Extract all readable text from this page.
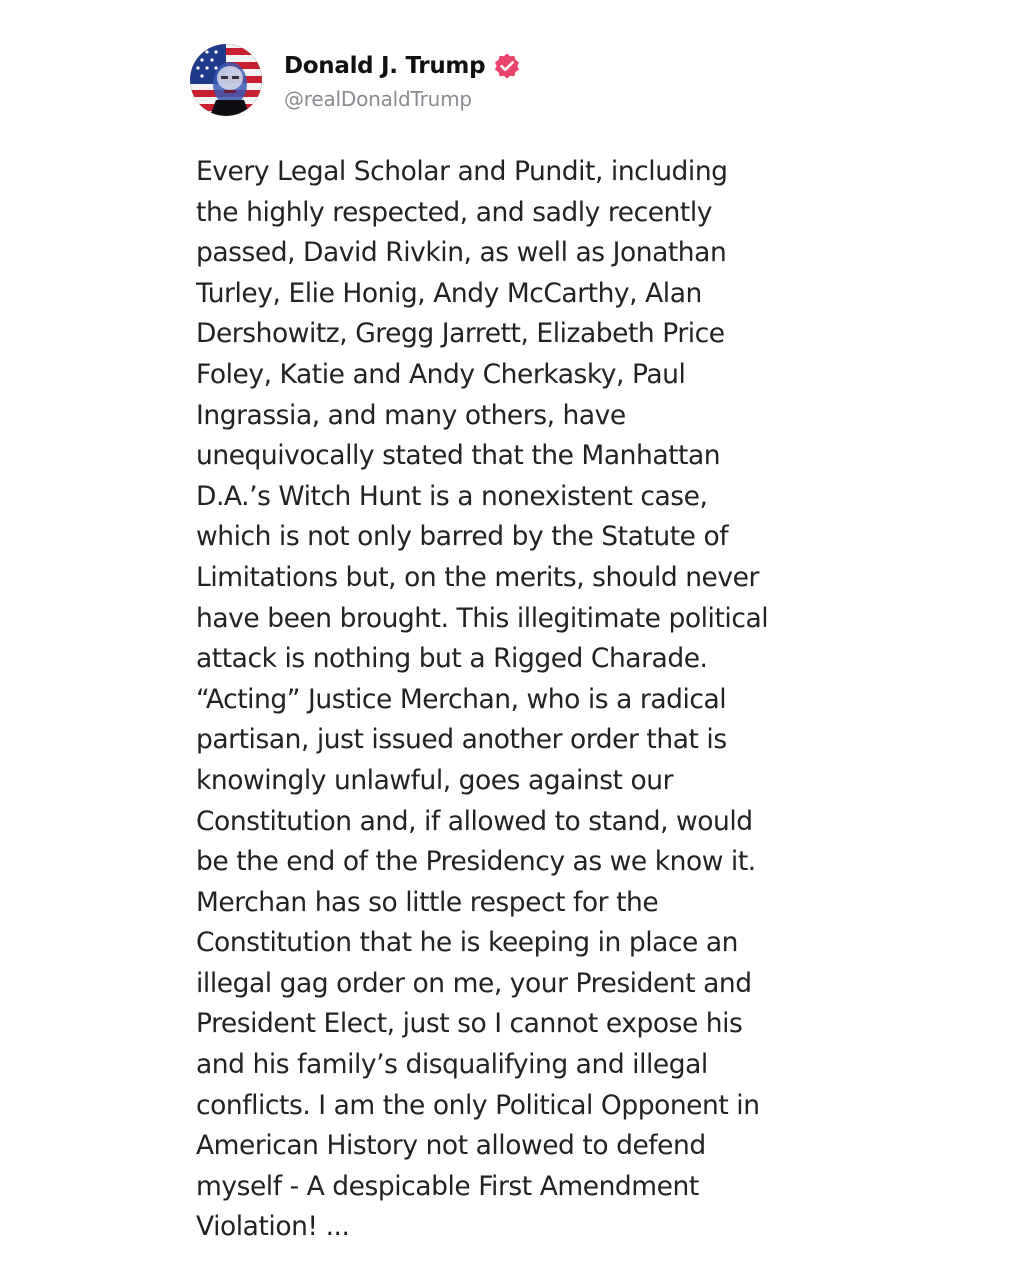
Donald J. Trump
@realDonaldTrump
Every Legal Scholar and Pundit, including
the highly respected, and sadly recently
passed, David Rivkin, as well as Jonathan
Turley, Elie Honig, Andy McCarthy, Alan
Dershowitz, Gregg Jarrett, Elizabeth Price
Foley, Katie and Andy Cherkasky, Paul
Ingrassia, and many others, have
unequivocally stated that the Manhattan
D.A.’s Witch Hunt is a nonexistent case,
which is not only barred by the Statute of
Limitations but, on the merits, should never
have been brought. This illegitimate political
attack is nothing but a Rigged Charade.
“Acting” Justice Merchan, who is a radical
partisan, just issued another order that is
knowingly unlawful, goes against our
Constitution and, if allowed to stand, would
be the end of the Presidency as we know it.
Merchan has so little respect for the
Constitution that he is keeping in place an
illegal gag order on me, your President and
President Elect, just so I cannot expose his
and his family’s disqualifying and illegal
conflicts. I am the only Political Opponent in
American History not allowed to defend
myself - A despicable First Amendment
Violation! ...
